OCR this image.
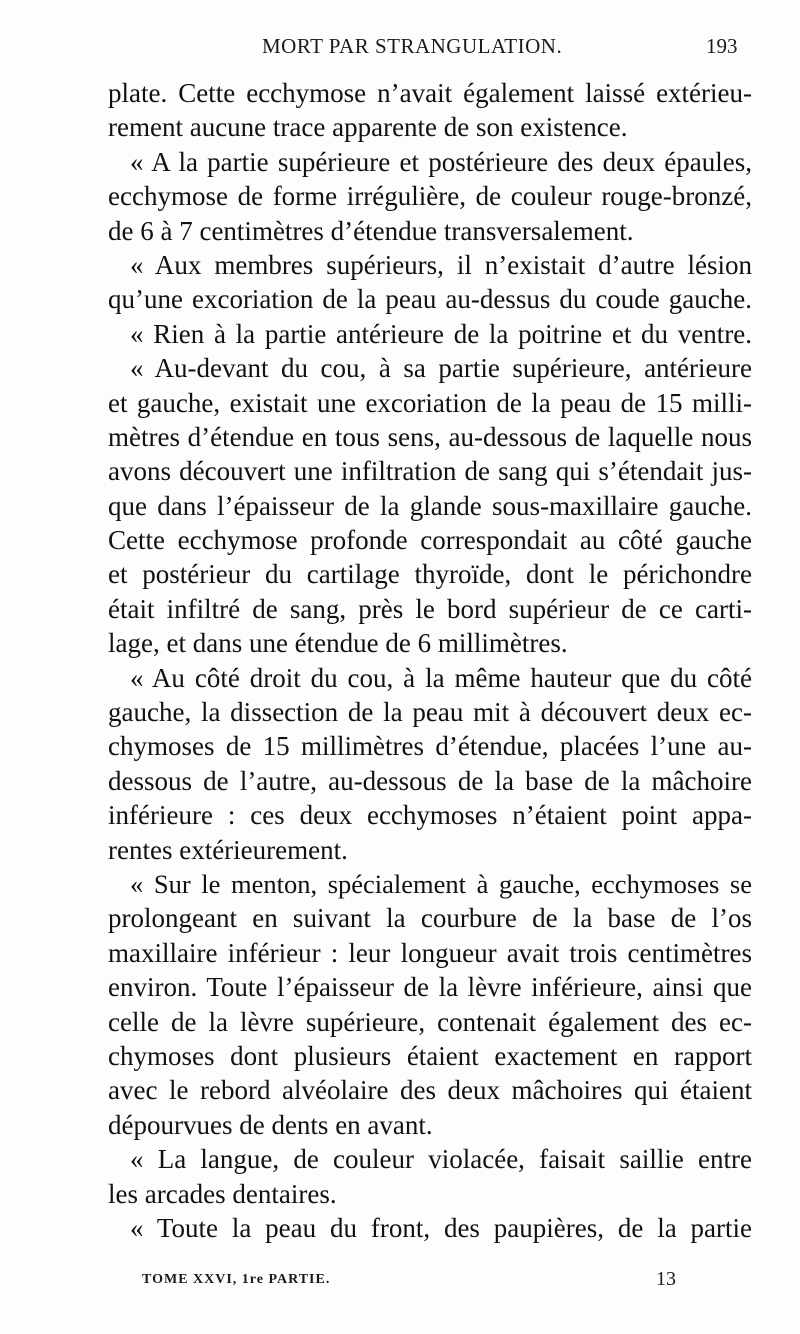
MORT PAR STRANGULATION.	193
plate. Cette ecchymose n’avait également laissé extérieu-
rement aucune trace apparente de son existence.
« A la partie supérieure et postérieure des deux épaules,
ecchymose de forme irrégulière, de couleur rouge-bronzé,
de 6 à 7 centimètres d’étendue transversalement.
« Aux membres supérieurs, il n’existait d’autre lésion
qu’une excoriation de la peau au-dessus du coude gauche.
« Rien à la partie antérieure de la poitrine et du ventre.
« Au-devant du cou, à sa partie supérieure, antérieure
et gauche, existait une excoriation de la peau de 15 milli-
mètres d’étendue en tous sens, au-dessous de laquelle nous
avons découvert une infiltration de sang qui s’étendait jus-
que dans l’épaisseur de la glande sous-maxillaire gauche.
Cette ecchymose profonde correspondait au côté gauche
et postérieur du cartilage thyroïde, dont le périchondre
était infiltré de sang, près le bord supérieur de ce carti-
lage, et dans une étendue de 6 millimètres.
« Au côté droit du cou, à la même hauteur que du côté
gauche, la dissection de la peau mit à découvert deux ec-
chymoses de 15 millimètres d’étendue, placées l’une au-
dessous de l’autre, au-dessous de la base de la mâchoire
inférieure : ces deux ecchymoses n’étaient point appa-
rentes extérieurement.
« Sur le menton, spécialement à gauche, ecchymoses se
prolongeant en suivant la courbure de la base de l’os
maxillaire inférieur : leur longueur avait trois centimètres
environ. Toute l’épaisseur de la lèvre inférieure, ainsi que
celle de la lèvre supérieure, contenait également des ec-
chymoses dont plusieurs étaient exactement en rapport
avec le rebord alvéolaire des deux mâchoires qui étaient
dépourvues de dents en avant.
« La langue, de couleur violacée, faisait saillie entre
les arcades dentaires.
« Toute la peau du front, des paupières, de la partie
TOME XXVI, 1re PARTIE.	13
